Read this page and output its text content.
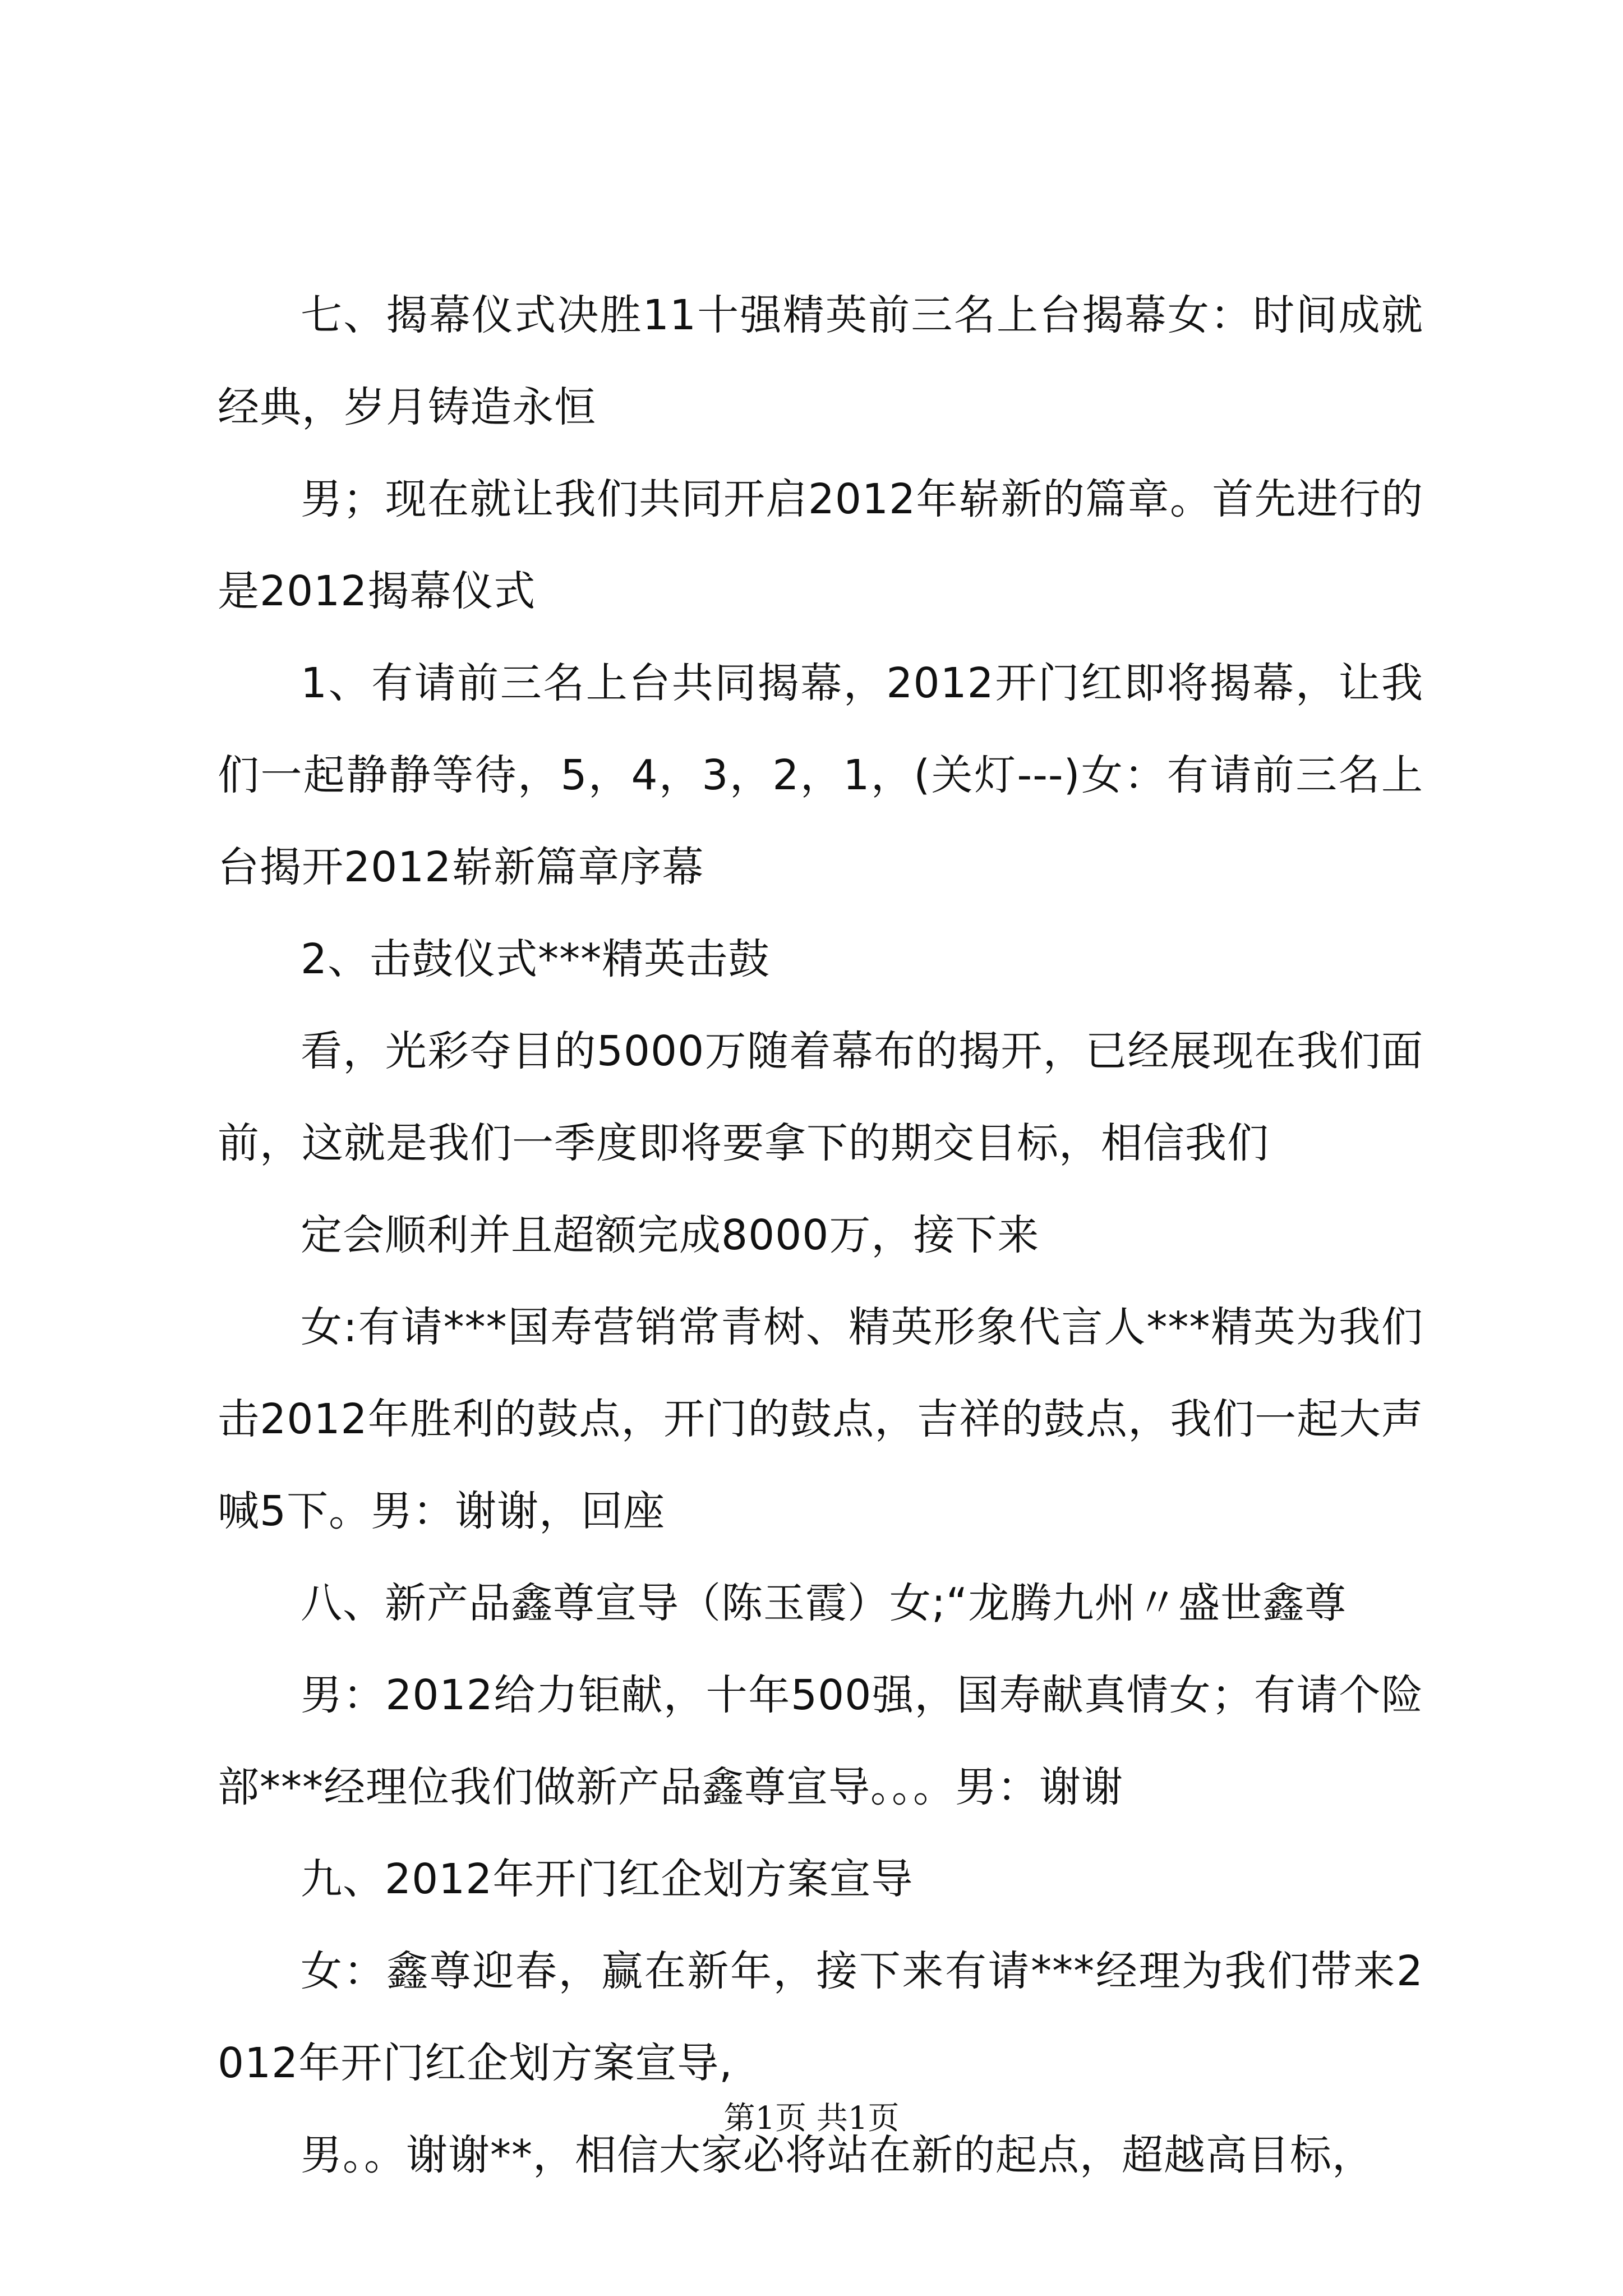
七、揭幕仪式决胜11十强精英前三名上台揭幕女：时间成就经典，岁月铸造永恒

男；现在就让我们共同开启2012年崭新的篇章。首先进行的是2012揭幕仪式

1、有请前三名上台共同揭幕，2012开门红即将揭幕，让我们一起静静等待，5，4，3，2，1，(关灯---)女：有请前三名上台揭开2012崭新篇章序幕

2、击鼓仪式***精英击鼓

看，光彩夺目的5000万随着幕布的揭开，已经展现在我们面前，这就是我们一季度即将要拿下的期交目标，相信我们

定会顺利并且超额完成8000万，接下来

女:有请***国寿营销常青树、精英形象代言人***精英为我们击2012年胜利的鼓点，开门的鼓点，吉祥的鼓点，我们一起大声喊5下。男：谢谢，回座

八、新产品鑫尊宣导（陈玉霞）女;“龙腾九州〃盛世鑫尊

男：2012给力钜献，十年500强，国寿献真情女；有请个险部***经理位我们做新产品鑫尊宣导。。。男：谢谢

九、2012年开门红企划方案宣导

女：鑫尊迎春，赢在新年，接下来有请***经理为我们带来2012年开门红企划方案宣导,

男。。谢谢**，相信大家必将站在新的起点，超越高目标，

第1页 共1页
